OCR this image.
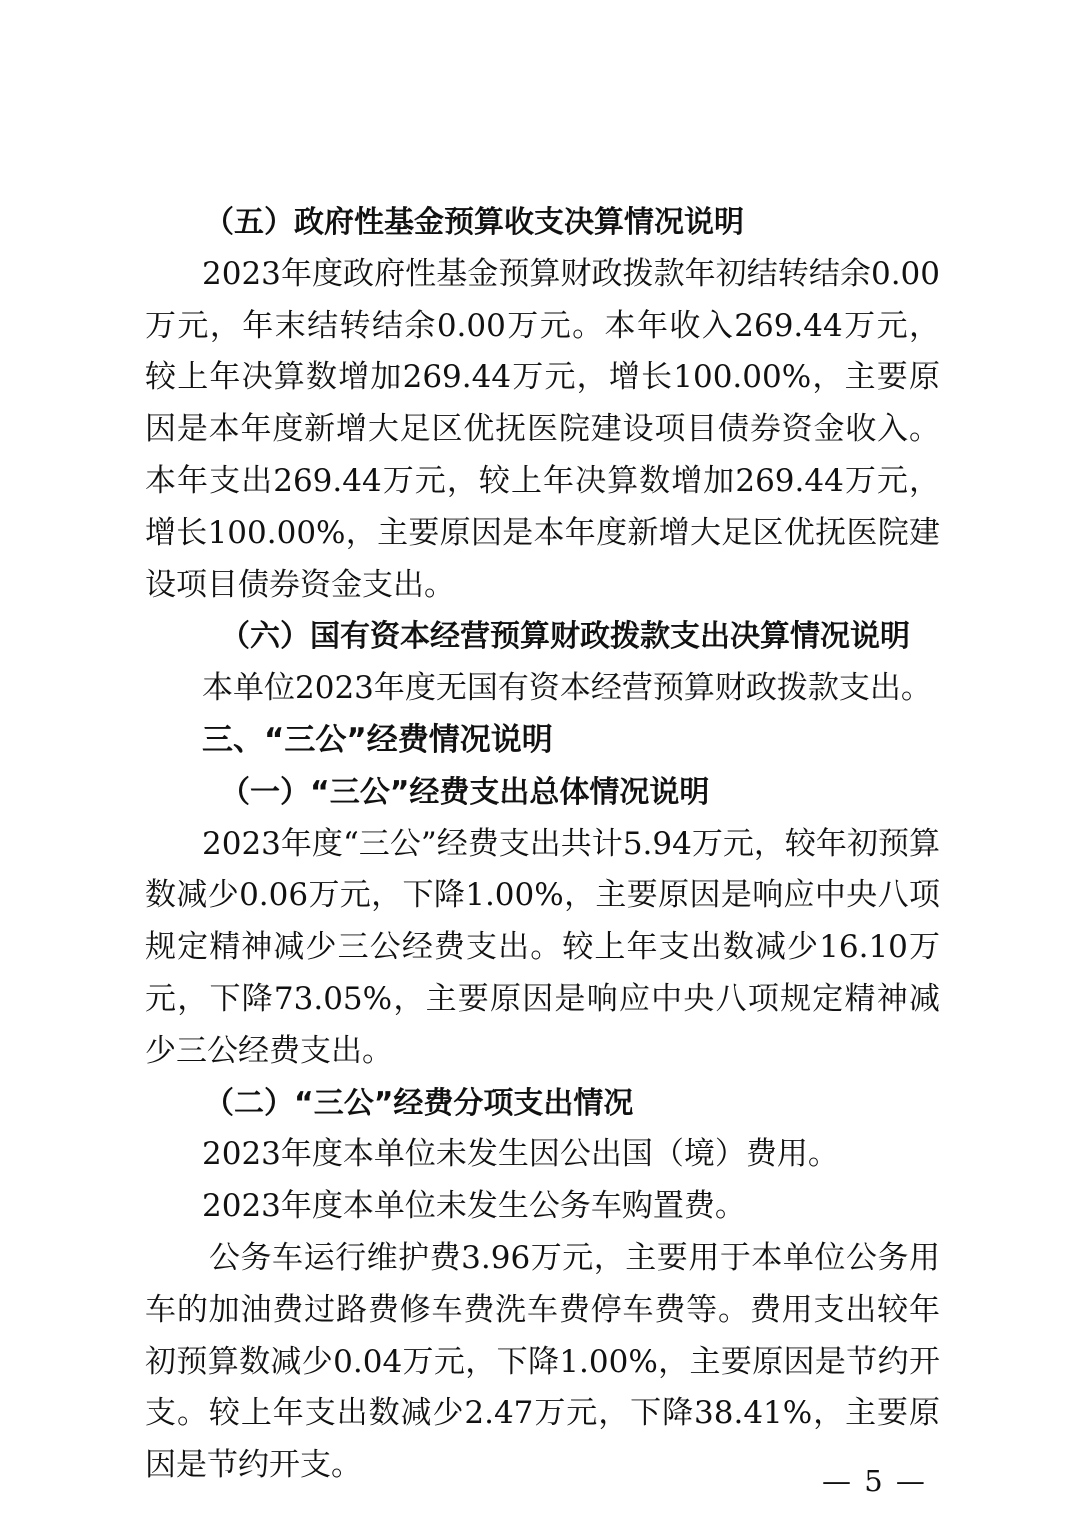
（五）政府性基金预算收支决算情况说明

2023年度政府性基金预算财政拨款年初结转结余0.00万元，年末结转结余0.00万元。本年收入269.44万元，较上年决算数增加269.44万元，增长100.00%，主要原因是本年度新增大足区优抚医院建设项目债券资金收入。本年支出269.44万元，较上年决算数增加269.44万元，增长100.00%，主要原因是本年度新增大足区优抚医院建设项目债券资金支出。

（六）国有资本经营预算财政拨款支出决算情况说明

本单位2023年度无国有资本经营预算财政拨款支出。

三、“三公”经费情况说明

（一）“三公”经费支出总体情况说明

2023年度“三公”经费支出共计5.94万元，较年初预算数减少0.06万元，下降1.00%，主要原因是响应中央八项规定精神减少三公经费支出。较上年支出数减少16.10万元，下降73.05%，主要原因是响应中央八项规定精神减少三公经费支出。

（二）“三公”经费分项支出情况

2023年度本单位未发生因公出国（境）费用。

2023年度本单位未发生公务车购置费。

公务车运行维护费3.96万元，主要用于本单位公务用车的加油费过路费修车费洗车费停车费等。费用支出较年初预算数减少0.04万元，下降1.00%，主要原因是节约开支。较上年支出数减少2.47万元，下降38.41%，主要原因是节约开支。	— 5 —
